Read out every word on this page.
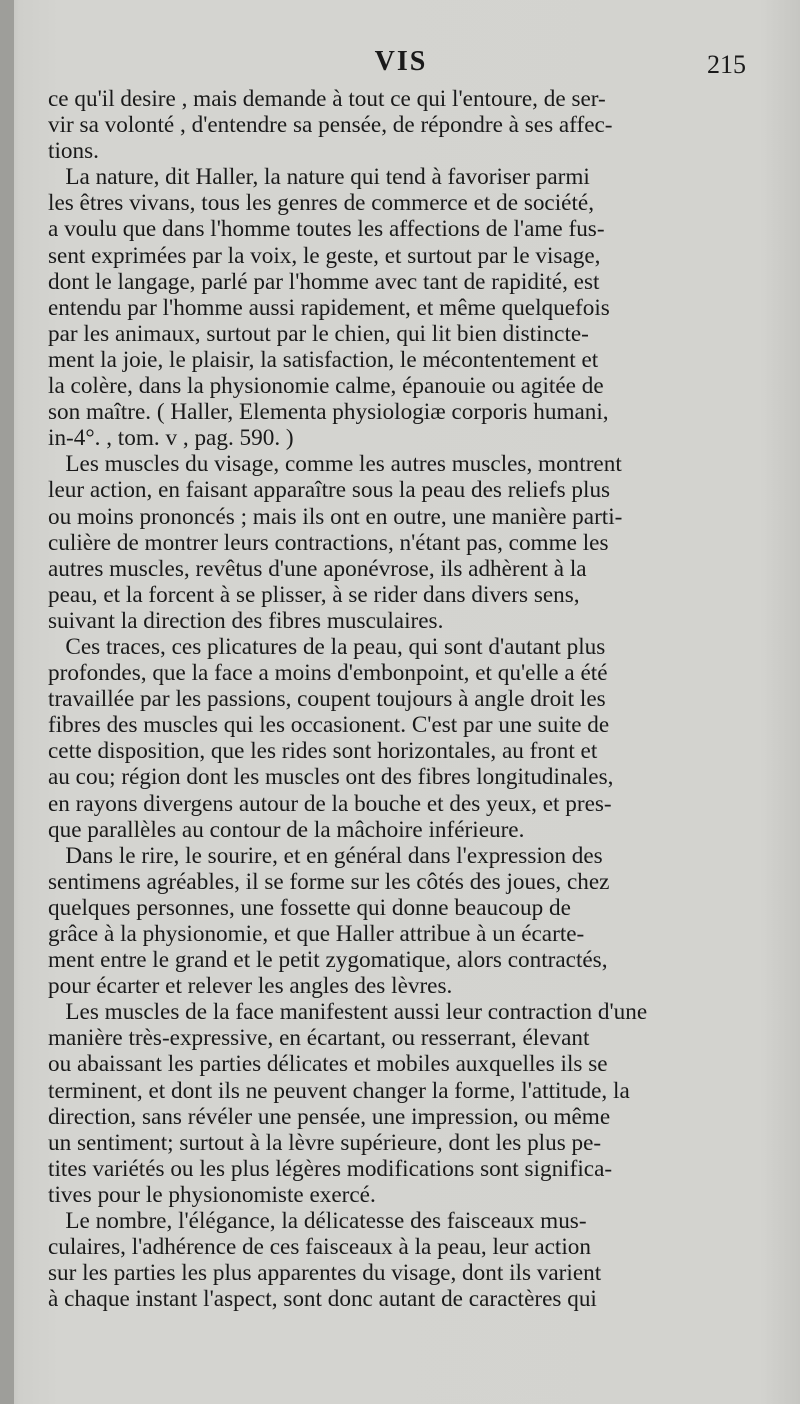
VIS	215
ce qu'il desire , mais demande à tout ce qui l'entoure, de ser-
vir sa volonté , d'entendre sa pensée, de répondre à ses affec-
tions.
La nature, dit Haller, la nature qui tend à favoriser parmi
les êtres vivans, tous les genres de commerce et de société,
a voulu que dans l'homme toutes les affections de l'ame fus-
sent exprimées par la voix, le geste, et surtout par le visage,
dont le langage, parlé par l'homme avec tant de rapidité, est
entendu par l'homme aussi rapidement, et même quelquefois
par les animaux, surtout par le chien, qui lit bien distincte-
ment la joie, le plaisir, la satisfaction, le mécontentement et
la colère, dans la physionomie calme, épanouie ou agitée de
son maître. ( Haller, Elementa physiologiæ corporis humani,
in-4°. , tom. v , pag. 590. )
Les muscles du visage, comme les autres muscles, montrent
leur action, en faisant apparaître sous la peau des reliefs plus
ou moins prononcés ; mais ils ont en outre, une manière parti-
culière de montrer leurs contractions, n'étant pas, comme les
autres muscles, revêtus d'une aponévrose, ils adhèrent à la
peau, et la forcent à se plisser, à se rider dans divers sens,
suivant la direction des fibres musculaires.
Ces traces, ces plicatures de la peau, qui sont d'autant plus
profondes, que la face a moins d'embonpoint, et qu'elle a été
travaillée par les passions, coupent toujours à angle droit les
fibres des muscles qui les occasionent. C'est par une suite de
cette disposition, que les rides sont horizontales, au front et
au cou; région dont les muscles ont des fibres longitudinales,
en rayons divergens autour de la bouche et des yeux, et pres-
que parallèles au contour de la mâchoire inférieure.
Dans le rire, le sourire, et en général dans l'expression des
sentimens agréables, il se forme sur les côtés des joues, chez
quelques personnes, une fossette qui donne beaucoup de
grâce à la physionomie, et que Haller attribue à un écarte-
ment entre le grand et le petit zygomatique, alors contractés,
pour écarter et relever les angles des lèvres.
Les muscles de la face manifestent aussi leur contraction d'une
manière très-expressive, en écartant, ou resserrant, élevant
ou abaissant les parties délicates et mobiles auxquelles ils se
terminent, et dont ils ne peuvent changer la forme, l'attitude, la
direction, sans révéler une pensée, une impression, ou même
un sentiment; surtout à la lèvre supérieure, dont les plus pe-
tites variétés ou les plus légères modifications sont significa-
tives pour le physionomiste exercé.
Le nombre, l'élégance, la délicatesse des faisceaux mus-
culaires, l'adhérence de ces faisceaux à la peau, leur action
sur les parties les plus apparentes du visage, dont ils varient
à chaque instant l'aspect, sont donc autant de caractères qui
